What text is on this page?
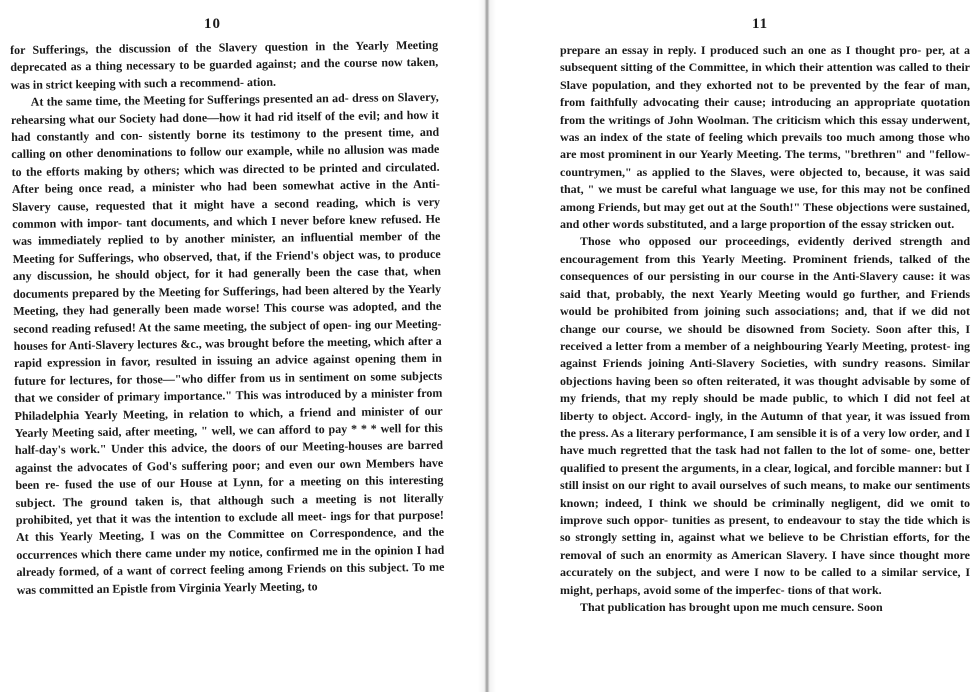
10

for Sufferings, the discussion of the Slavery question in the Yearly Meeting deprecated as a thing necessary to be guarded against; and the course now taken, was in strict keeping with such a recommend- ation.

At the same time, the Meeting for Sufferings presented an ad- dress on Slavery, rehearsing what our Society had done—how it had rid itself of the evil; and how it had constantly and con- sistently borne its testimony to the present time, and calling on other denominations to follow our example, while no allusion was made to the efforts making by others; which was directed to be printed and circulated. After being once read, a minister who had been somewhat active in the Anti-Slavery cause, requested that it might have a second reading, which is very common with impor- tant documents, and which I never before knew refused. He was immediately replied to by another minister, an influential member of the Meeting for Sufferings, who observed, that, if the Friend's object was, to produce any discussion, he should object, for it had generally been the case that, when documents prepared by the Meeting for Sufferings, had been altered by the Yearly Meeting, they had generally been made worse! This course was adopted, and the second reading refused! At the same meeting, the subject of open- ing our Meeting-houses for Anti-Slavery lectures &c., was brought before the meeting, which after a rapid expression in favor, resulted in issuing an advice against opening them in future for lectures, for those—"who differ from us in sentiment on some subjects that we consider of primary importance." This was introduced by a minister from Philadelphia Yearly Meeting, in relation to which, a friend and minister of our Yearly Meeting said, after meeting, " well, we can afford to pay * * * well for this half-day's work." Under this advice, the doors of our Meeting-houses are barred against the advocates of God's suffering poor; and even our own Members have been re- fused the use of our House at Lynn, for a meeting on this interesting subject. The ground taken is, that although such a meeting is not literally prohibited, yet that it was the intention to exclude all meet- ings for that purpose! At this Yearly Meeting, I was on the Committee on Correspondence, and the occurrences which there came under my notice, confirmed me in the opinion I had already formed, of a want of correct feeling among Friends on this subject. To me was committed an Epistle from Virginia Yearly Meeting, to

11

prepare an essay in reply. I produced such an one as I thought pro- per, at a subsequent sitting of the Committee, in which their attention was called to their Slave population, and they exhorted not to be prevented by the fear of man, from faithfully advocating their cause; introducing an appropriate quotation from the writings of John Woolman. The criticism which this essay underwent, was an index of the state of feeling which prevails too much among those who are most prominent in our Yearly Meeting. The terms, "brethren" and "fellow-countrymen," as applied to the Slaves, were objected to, because, it was said that, " we must be careful what language we use, for this may not be confined among Friends, but may get out at the South!" These objections were sustained, and other words substituted, and a large proportion of the essay stricken out.

Those who opposed our proceedings, evidently derived strength and encouragement from this Yearly Meeting. Prominent friends, talked of the consequences of our persisting in our course in the Anti-Slavery cause: it was said that, probably, the next Yearly Meeting would go further, and Friends would be prohibited from joining such associations; and, that if we did not change our course, we should be disowned from Society. Soon after this, I received a letter from a member of a neighbouring Yearly Meeting, protest- ing against Friends joining Anti-Slavery Societies, with sundry reasons. Similar objections having been so often reiterated, it was thought advisable by some of my friends, that my reply should be made public, to which I did not feel at liberty to object. Accord- ingly, in the Autumn of that year, it was issued from the press. As a literary performance, I am sensible it is of a very low order, and I have much regretted that the task had not fallen to the lot of some- one, better qualified to present the arguments, in a clear, logical, and forcible manner: but I still insist on our right to avail ourselves of such means, to make our sentiments known; indeed, I think we should be criminally negligent, did we omit to improve such oppor- tunities as present, to endeavour to stay the tide which is so strongly setting in, against what we believe to be Christian efforts, for the removal of such an enormity as American Slavery. I have since thought more accurately on the subject, and were I now to be called to a similar service, I might, perhaps, avoid some of the imperfec- tions of that work.

That publication has brought upon me much censure. Soon
